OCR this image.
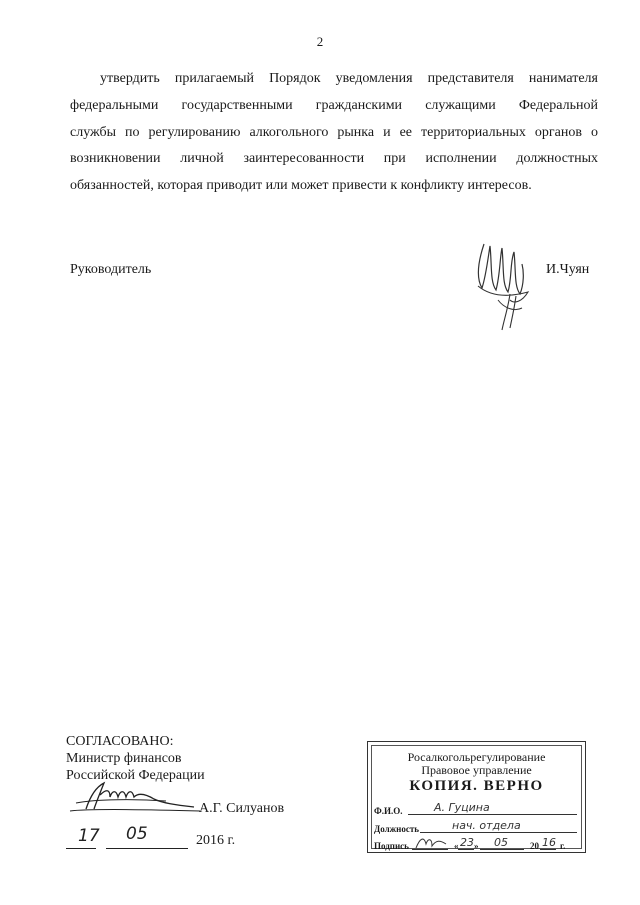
2
утвердить прилагаемый Порядок уведомления представителя нанимателя
федеральными государственными гражданскими служащими Федеральной
службы по регулированию алкогольного рынка и ее территориальных органов о
возникновении личной заинтересованности при исполнении должностных
обязанностей, которая приводит или может привести к конфликту интересов.
Руководитель	И.Чуян
СОГЛАСОВАНО:
Министр финансов
Российской Федерации
А.Г. Силуанов
17 05	2016 г.
Росалкогольрегулирование
Правовое управление
КОПИЯ. ВЕРНО
Ф.И.О.	А. Гуцина
Должность	нач. отдела
Подпись	« 23 » 05 20 16 г.
